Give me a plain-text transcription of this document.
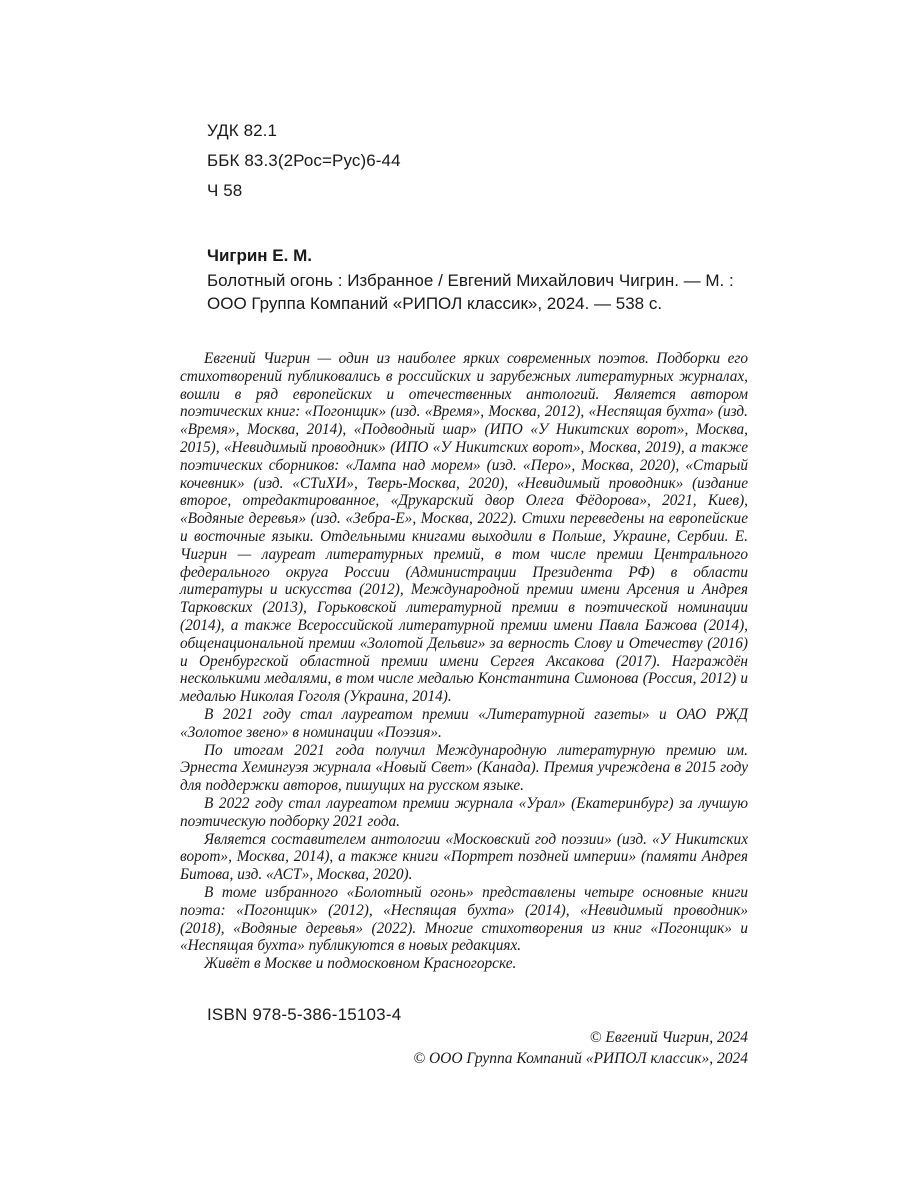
УДК 82.1
ББК 83.3(2Рос=Рус)6-44
Ч 58
Чигрин Е. М.
Болотный огонь : Избранное / Евгений Михайлович Чигрин. — М. : ООО Группа Компаний «РИПОЛ классик», 2024. — 538 с.

Евгений Чигрин — один из наиболее ярких современных поэтов. Подборки его стихотворений публиковались в российских и зарубежных литературных журналах, вошли в ряд европейских и отечественных антологий. Является автором поэтических книг: «Погонщик» (изд. «Время», Москва, 2012), «Неспящая бухта» (изд. «Время», Москва, 2014), «Подводный шар» (ИПО «У Никитских ворот», Москва, 2015), «Невидимый проводник» (ИПО «У Никитских ворот», Москва, 2019), а также поэтических сборников: «Лампа над морем» (изд. «Перо», Москва, 2020), «Старый кочевник» (изд. «СТиХИ», Тверь-Москва, 2020), «Невидимый проводник» (издание второе, отредактированное, «Друкарский двор Олега Фёдорова», 2021, Киев), «Водяные деревья» (изд. «Зебра-Е», Москва, 2022). Стихи переведены на европейские и восточные языки. Отдельными книгами выходили в Польше, Украине, Сербии. Е. Чигрин — лауреат литературных премий, в том числе премии Центрального федерального округа России (Администрации Президента РФ) в области литературы и искусства (2012), Международной премии имени Арсения и Андрея Тарковских (2013), Горьковской литературной премии в поэтической номинации (2014), а также Всероссийской литературной премии имени Павла Бажова (2014), общенациональной премии «Золотой Дельвиг» за верность Слову и Отечеству (2016) и Оренбургской областной премии имени Сергея Аксакова (2017). Награждён несколькими медалями, в том числе медалью Константина Симонова (Россия, 2012) и медалью Николая Гоголя (Украина, 2014).

В 2021 году стал лауреатом премии «Литературной газеты» и ОАО РЖД «Золотое звено» в номинации «Поэзия».

По итогам 2021 года получил Международную литературную премию им. Эрнеста Хемингуэя журнала «Новый Свет» (Канада). Премия учреждена в 2015 году для поддержки авторов, пишущих на русском языке.

В 2022 году стал лауреатом премии журнала «Урал» (Екатеринбург) за лучшую поэтическую подборку 2021 года.

Является составителем антологии «Московский год поэзии» (изд. «У Никитских ворот», Москва, 2014), а также книги «Портрет поздней империи» (памяти Андрея Битова, изд. «АСТ», Москва, 2020).

В томе избранного «Болотный огонь» представлены четыре основные книги поэта: «Погонщик» (2012), «Неспящая бухта» (2014), «Невидимый проводник» (2018), «Водяные деревья» (2022). Многие стихотворения из книг «Погонщик» и «Неспящая бухта» публикуются в новых редакциях.

Живёт в Москве и подмосковном Красногорске.

ISBN 978-5-386-15103-4
© Евгений Чигрин, 2024
© ООО Группа Компаний «РИПОЛ классик», 2024
